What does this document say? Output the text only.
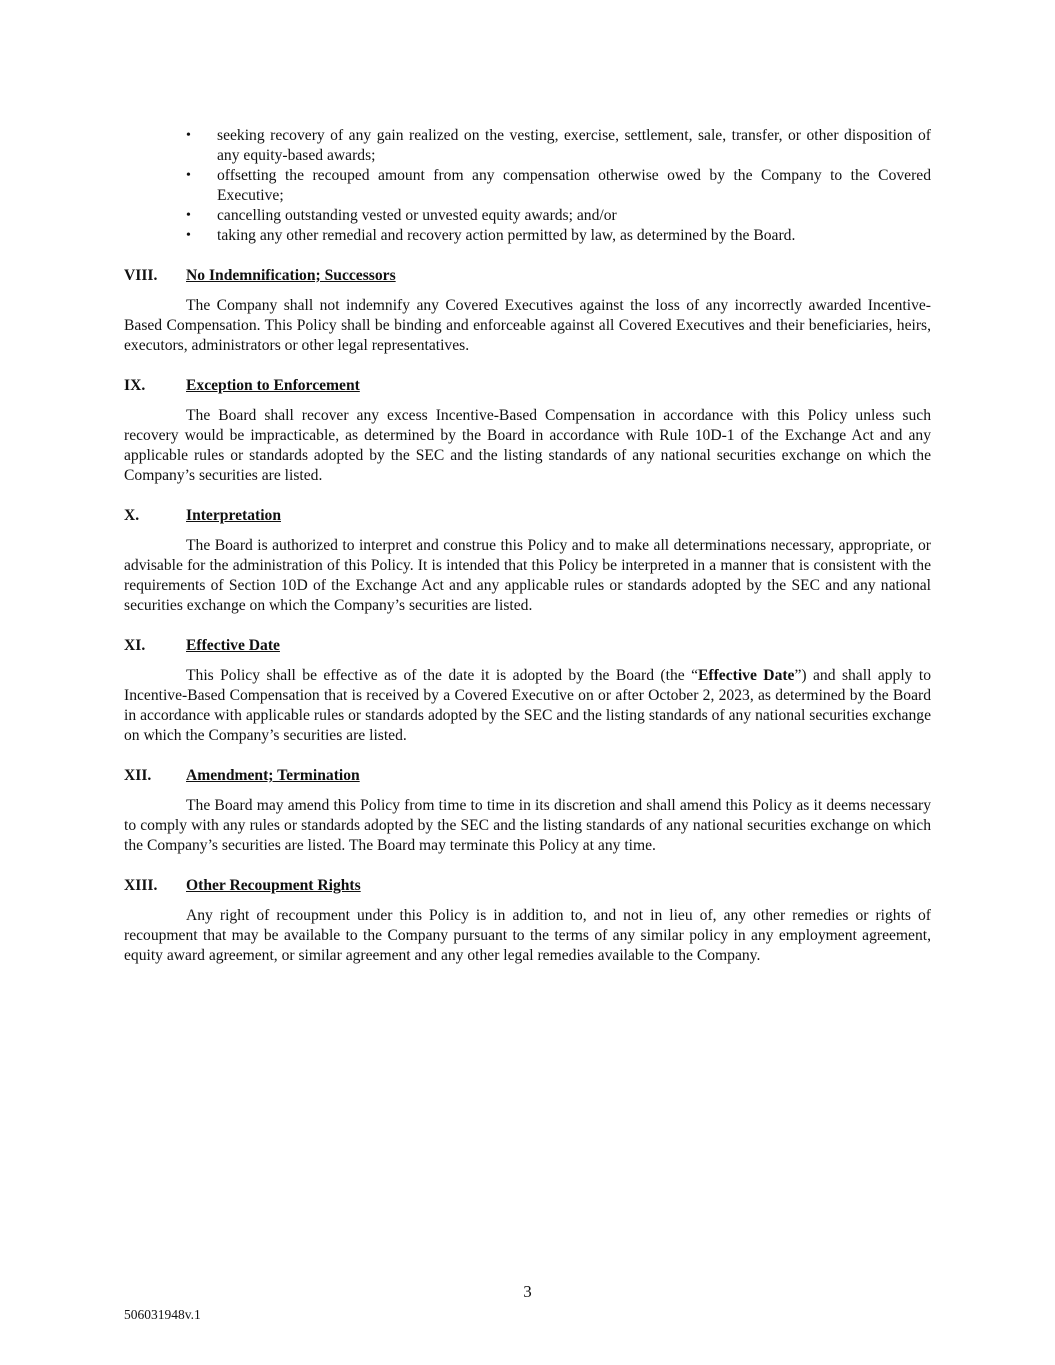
• seeking recovery of any gain realized on the vesting, exercise, settlement, sale, transfer, or other disposition of any equity-based awards;
• offsetting the recouped amount from any compensation otherwise owed by the Company to the Covered Executive;
• cancelling outstanding vested or unvested equity awards; and/or
• taking any other remedial and recovery action permitted by law, as determined by the Board.
VIII.	No Indemnification; Successors

The Company shall not indemnify any Covered Executives against the loss of any incorrectly awarded Incentive-Based Compensation. This Policy shall be binding and enforceable against all Covered Executives and their beneficiaries, heirs, executors, administrators or other legal representatives.

IX.	Exception to Enforcement

The Board shall recover any excess Incentive-Based Compensation in accordance with this Policy unless such recovery would be impracticable, as determined by the Board in accordance with Rule 10D-1 of the Exchange Act and any applicable rules or standards adopted by the SEC and the listing standards of any national securities exchange on which the Company’s securities are listed.

X.	Interpretation

The Board is authorized to interpret and construe this Policy and to make all determinations necessary, appropriate, or advisable for the administration of this Policy. It is intended that this Policy be interpreted in a manner that is consistent with the requirements of Section 10D of the Exchange Act and any applicable rules or standards adopted by the SEC and any national securities exchange on which the Company’s securities are listed.

XI.	Effective Date

This Policy shall be effective as of the date it is adopted by the Board (the “Effective Date”) and shall apply to Incentive-Based Compensation that is received by a Covered Executive on or after October 2, 2023, as determined by the Board in accordance with applicable rules or standards adopted by the SEC and the listing standards of any national securities exchange on which the Company’s securities are listed.

XII.	Amendment; Termination

The Board may amend this Policy from time to time in its discretion and shall amend this Policy as it deems necessary to comply with any rules or standards adopted by the SEC and the listing standards of any national securities exchange on which the Company’s securities are listed. The Board may terminate this Policy at any time.

XIII.	Other Recoupment Rights

Any right of recoupment under this Policy is in addition to, and not in lieu of, any other remedies or rights of recoupment that may be available to the Company pursuant to the terms of any similar policy in any employment agreement, equity award agreement, or similar agreement and any other legal remedies available to the Company.

3
506031948v.1
